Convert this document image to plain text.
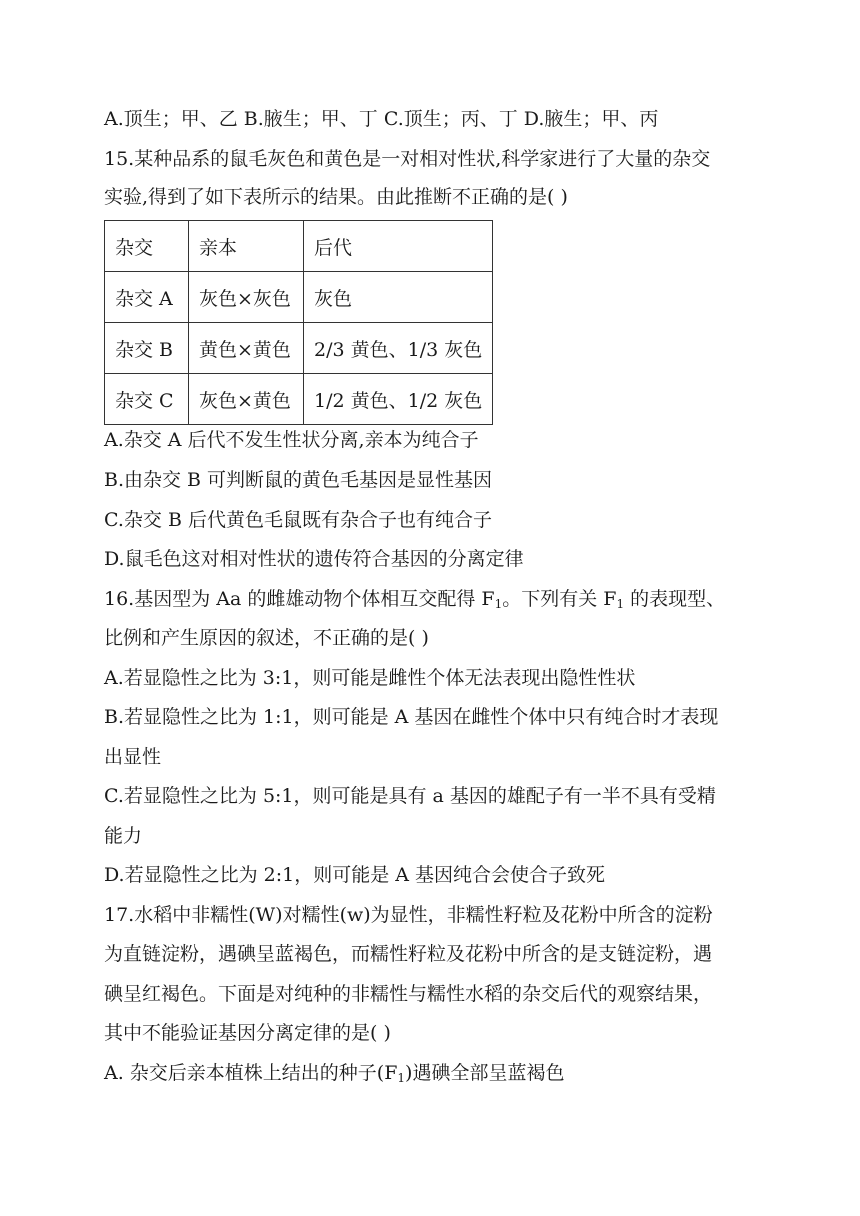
A.顶生；甲、乙 B.腋生；甲、丁 C.顶生；丙、丁 D.腋生；甲、丙
15.某种品系的鼠毛灰色和黄色是一对相对性状,科学家进行了大量的杂交
实验,得到了如下表所示的结果。由此推断不正确的是( )
杂交	亲本	后代
杂交 A	灰色×灰色	灰色
杂交 B	黄色×黄色	2/3 黄色、1/3 灰色
杂交 C	灰色×黄色	1/2 黄色、1/2 灰色
A.杂交 A 后代不发生性状分离,亲本为纯合子
B.由杂交 B 可判断鼠的黄色毛基因是显性基因
C.杂交 B 后代黄色毛鼠既有杂合子也有纯合子
D.鼠毛色这对相对性状的遗传符合基因的分离定律
16.基因型为 Aa 的雌雄动物个体相互交配得 $F_1$。下列有关 $F_1$ 的表现型、
比例和产生原因的叙述，不正确的是( )
A.若显隐性之比为 3:1，则可能是雌性个体无法表现出隐性性状
B.若显隐性之比为 1:1，则可能是 A 基因在雌性个体中只有纯合时才表现
出显性
C.若显隐性之比为 5:1，则可能是具有 a 基因的雄配子有一半不具有受精
能力
D.若显隐性之比为 2:1，则可能是 A 基因纯合会使合子致死
17.水稻中非糯性(W)对糯性(w)为显性，非糯性籽粒及花粉中所含的淀粉
为直链淀粉，遇碘呈蓝褐色，而糯性籽粒及花粉中所含的是支链淀粉，遇
碘呈红褐色。下面是对纯种的非糯性与糯性水稻的杂交后代的观察结果，
其中不能验证基因分离定律的是( )
A. 杂交后亲本植株上结出的种子$(F_1)$遇碘全部呈蓝褐色
